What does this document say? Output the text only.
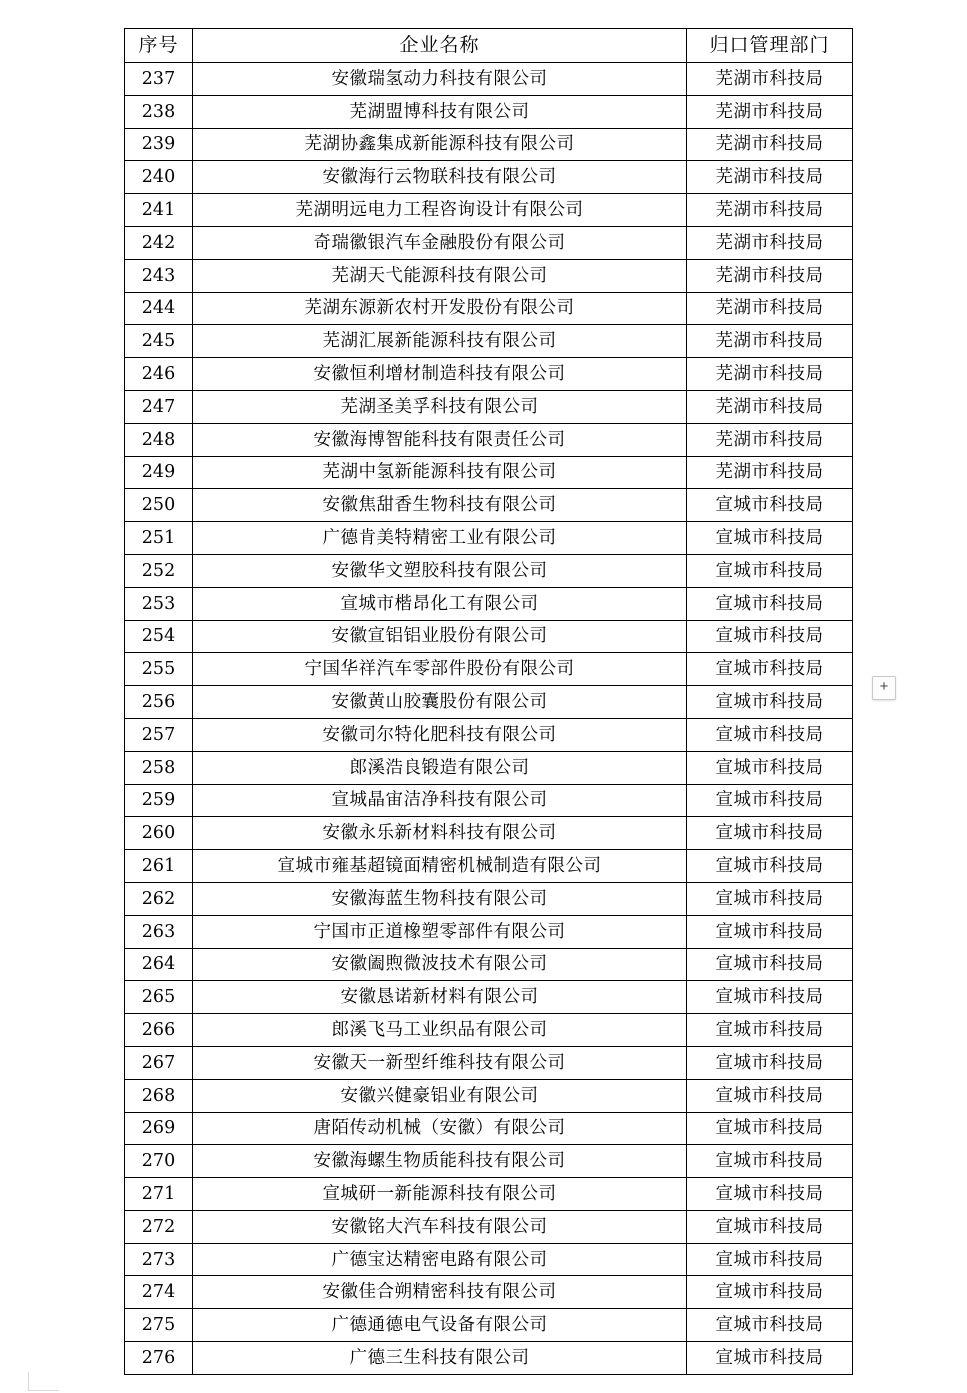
序号	企业名称	归口管理部门
237	安徽瑞氢动力科技有限公司	芜湖市科技局
238	芜湖盟博科技有限公司	芜湖市科技局
239	芜湖协鑫集成新能源科技有限公司	芜湖市科技局
240	安徽海行云物联科技有限公司	芜湖市科技局
241	芜湖明远电力工程咨询设计有限公司	芜湖市科技局
242	奇瑞徽银汽车金融股份有限公司	芜湖市科技局
243	芜湖天弋能源科技有限公司	芜湖市科技局
244	芜湖东源新农村开发股份有限公司	芜湖市科技局
245	芜湖汇展新能源科技有限公司	芜湖市科技局
246	安徽恒利增材制造科技有限公司	芜湖市科技局
247	芜湖圣美孚科技有限公司	芜湖市科技局
248	安徽海博智能科技有限责任公司	芜湖市科技局
249	芜湖中氢新能源科技有限公司	芜湖市科技局
250	安徽焦甜香生物科技有限公司	宣城市科技局
251	广德肯美特精密工业有限公司	宣城市科技局
252	安徽华文塑胶科技有限公司	宣城市科技局
253	宣城市楷昂化工有限公司	宣城市科技局
254	安徽宣铝铝业股份有限公司	宣城市科技局
255	宁国华祥汽车零部件股份有限公司	宣城市科技局
256	安徽黄山胶囊股份有限公司	宣城市科技局
257	安徽司尔特化肥科技有限公司	宣城市科技局
258	郎溪浩良锻造有限公司	宣城市科技局
259	宣城晶宙洁净科技有限公司	宣城市科技局
260	安徽永乐新材料科技有限公司	宣城市科技局
261	宣城市雍基超镜面精密机械制造有限公司	宣城市科技局
262	安徽海蓝生物科技有限公司	宣城市科技局
263	宁国市正道橡塑零部件有限公司	宣城市科技局
264	安徽阖煦微波技术有限公司	宣城市科技局
265	安徽恳诺新材料有限公司	宣城市科技局
266	郎溪飞马工业织品有限公司	宣城市科技局
267	安徽天一新型纤维科技有限公司	宣城市科技局
268	安徽兴健豪铝业有限公司	宣城市科技局
269	唐陌传动机械（安徽）有限公司	宣城市科技局
270	安徽海螺生物质能科技有限公司	宣城市科技局
271	宣城研一新能源科技有限公司	宣城市科技局
272	安徽铭大汽车科技有限公司	宣城市科技局
273	广德宝达精密电路有限公司	宣城市科技局
274	安徽佳合朔精密科技有限公司	宣城市科技局
275	广德通德电气设备有限公司	宣城市科技局
276	广德三生科技有限公司	宣城市科技局
+
